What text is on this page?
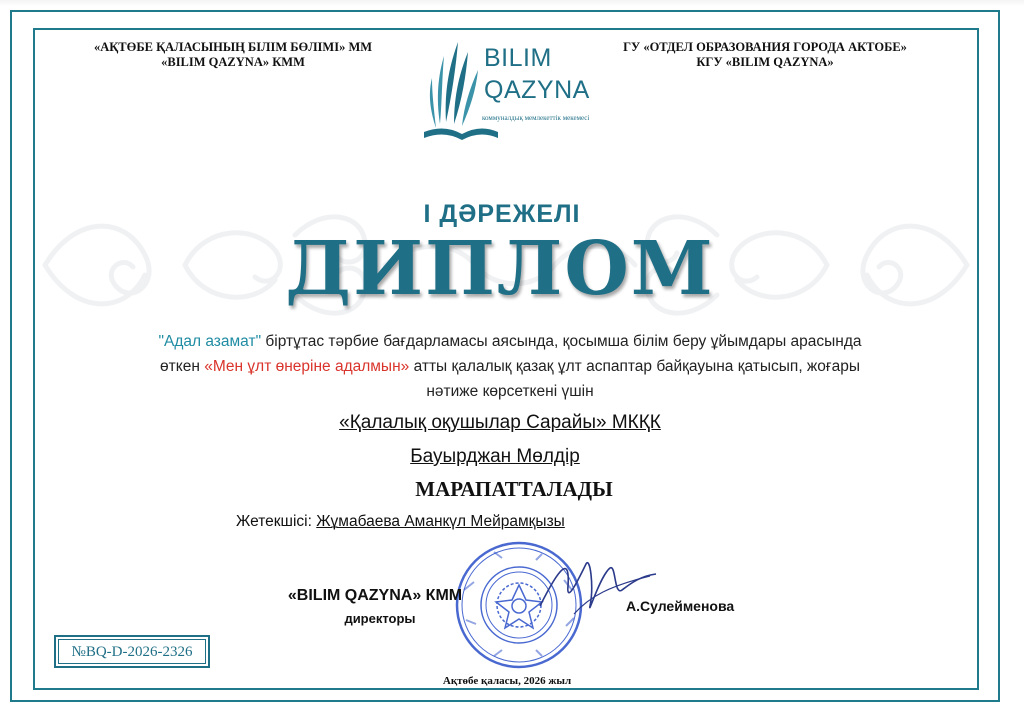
«АҚТӨБЕ ҚАЛАСЫНЫҢ БІЛІМ БӨЛІМІ» ММ
«BILIM QAZYNA» КММ	BILIM
QAZYNA
коммуналдық мемлекеттік мекемесі
ГУ «ОТДЕЛ ОБРАЗОВАНИЯ ГОРОДА АКТОБЕ»
КГУ «BILIM QAZYNA»
I ДӘРЕЖЕЛІ
ДИПЛОМ
"Адал азамат" біртұтас тәрбие бағдарламасы аясында, қосымша білім беру ұйымдары арасында өткен «Мен ұлт өнеріне адалмын» атты қалалық қазақ ұлт аспаптар байқауына қатысып, жоғары нәтиже көрсеткені үшін
«Қалалық оқушылар Сарайы» МКҚК
Бауырджан Мөлдір
МАРАПАТТАЛАДЫ
Жетекшісі: Жұмабаева Аманкүл Мейрамқызы
«BILIM QAZYNA» КММ
директоры
А.Сулейменова
Ақтөбе қаласы, 2026 жыл
№BQ-D-2026-2326
